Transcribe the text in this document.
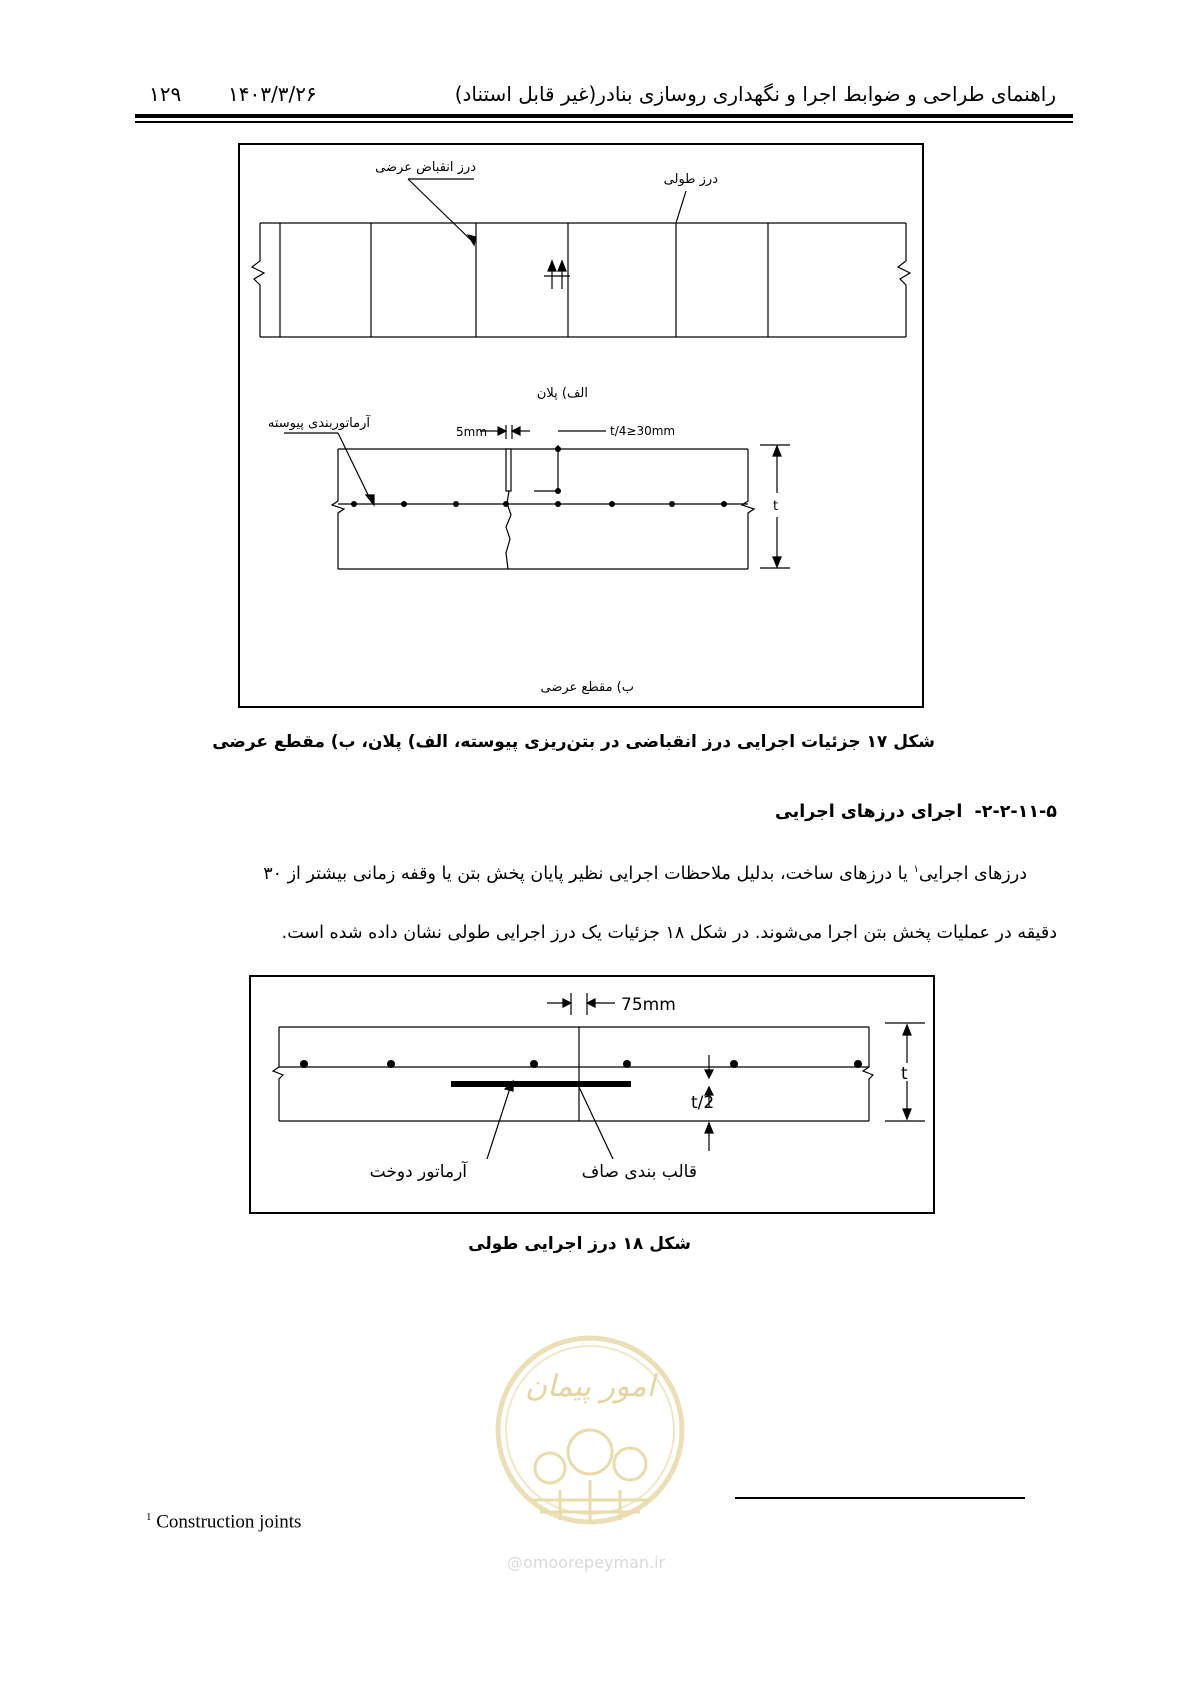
۱۲۹ ۱۴۰۳/۳/۲۶	راهنمای طراحی و ضوابط اجرا و نگهداری روسازی بنادر(غیر قابل استناد)
درز انقباض عرضی
درز طولی
الف) پلان
آرماتوربندی پیوسته
5mm	t/4≥30mm
t
ب) مقطع عرضی
شکل ۱۷ جزئیات اجرایی درز انقباضی در بتن‌ریزی پیوسته، الف) پلان، ب) مقطع عرضی
۲-۲-۱۱-۵-  اجرای درزهای اجرایی
درزهای اجرایی$^۱$ یا درزهای ساخت، بدلیل ملاحظات اجرایی نظیر پایان پخش بتن یا وقفه زمانی بیشتر از ۳۰
دقیقه در عملیات پخش بتن اجرا می‌شوند. در شکل ۱۸ جزئیات یک درز اجرایی طولی نشان داده شده است.
75mm
t
t/2
آرماتور دوخت	قالب بندی صاف
شکل ۱۸ درز اجرایی طولی
امور پیمان
@omoorepeyman.ir
$^1$ Construction joints
